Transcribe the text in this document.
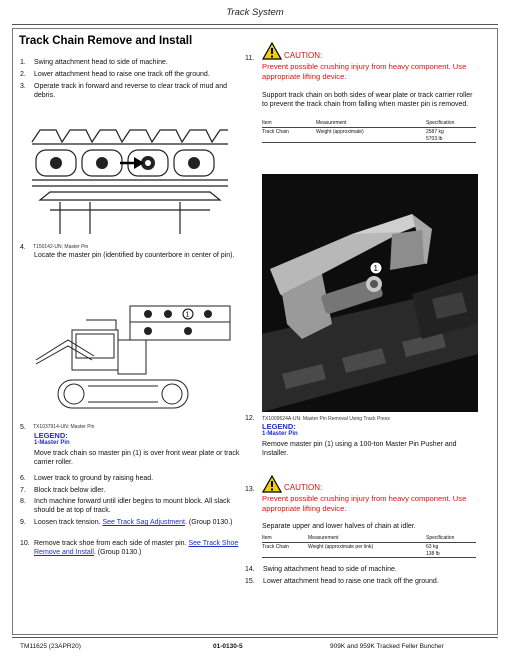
Track System
Track Chain Remove and Install
1. Swing attachment head to side of machine.
2. Lower attachment head to raise one track off the ground.
3. Operate track in forward and reverse to clear track of mud and debris.
T150142-UN: Master Pin
4.
Locate the master pin (identified by counterbore in center of pin).
1
5. TX1037914-UN: Master Pin
LEGEND:
1-Master Pin
Move track chain so master pin (1) is over front wear plate or track carrier roller.
6. Lower track to ground by raising head.
7. Block track below idler.
8. Inch machine forward until idler begins to mount block. All slack should be at top of track.
9. Loosen track tension. See Track Sag Adjustment. (Group 0130.)
10. Remove track shoe from each side of master pin. See Track Shoe Remove and Install. (Group 0130.)
11.	CAUTION:
Prevent possible crushing injury from heavy component. Use appropriate lifting device.
Support track chain on both sides of wear plate or track carrier roller to prevent the track chain from falling when master pin is removed.
Item	Measurement	Specification
Track Chain	Weight (approximate)	2587 kg
5703 lb
1
12. TX1009524A-UN: Master Pin Removal Using Track Press
LEGEND:
1-Master Pin
Remove master pin (1) using a 100-ton Master Pin Pusher and Installer.
13.	CAUTION:
Prevent possible crushing injury from heavy component. Use appropriate lifting device.
Separate upper and lower halves of chain at idler.
Item	Measurement	Specification
Track Chain	Weight (approximate per link)	63 kg
138 lb
14. Swing attachment head to side of machine.
15. Lower attachment head to raise one track off the ground.
TM11625 (23APR20)	01-0130-5	909K and 959K Tracked Feller Buncher
